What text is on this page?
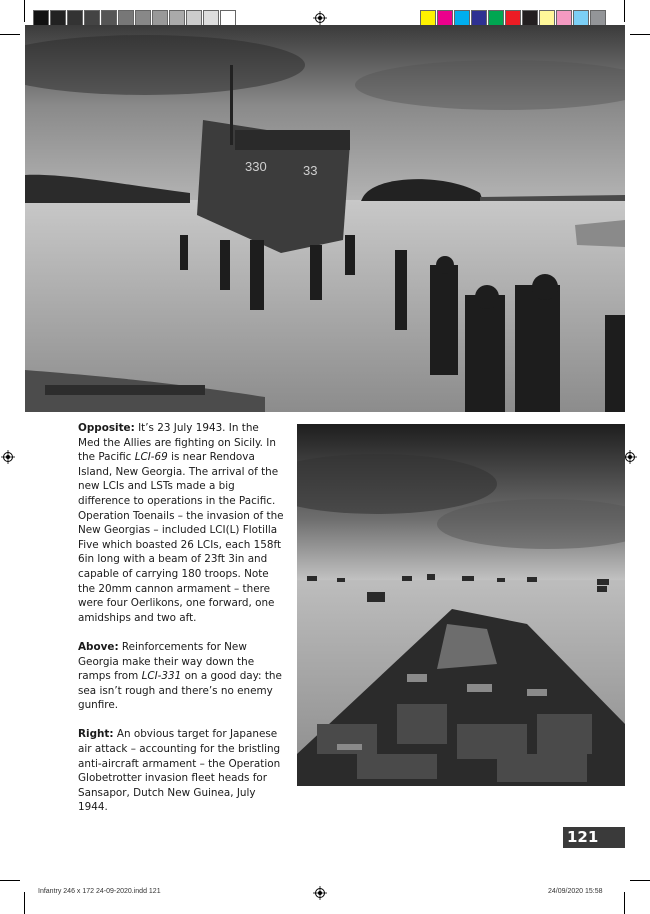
330	33

Opposite: It’s 23 July 1943. In the Med the Allies are fighting on Sicily. In the Pacific LCI-69 is near Rendova Island, New Georgia. The arrival of the new LCIs and LSTs made a big difference to operations in the Pacific. Operation Toenails – the invasion of the New Georgias – included LCI(L) Flotilla Five which boasted 26 LCIs, each 158ft 6in long with a beam of 23ft 3in and capable of carrying 180 troops. Note the 20mm cannon armament – there were four Oerlikons, one forward, one amidships and two aft.

Above: Reinforcements for New Georgia make their way down the ramps from LCI-331 on a good day: the sea isn’t rough and there’s no enemy gunfire.

Right: An obvious target for Japanese air attack – accounting for the bristling anti-aircraft armament – the Operation Globetrotter invasion fleet heads for Sansapor, Dutch New Guinea, July 1944.

121
Infantry 246 x 172 24-09-2020.indd 121	24/09/2020 15:58
